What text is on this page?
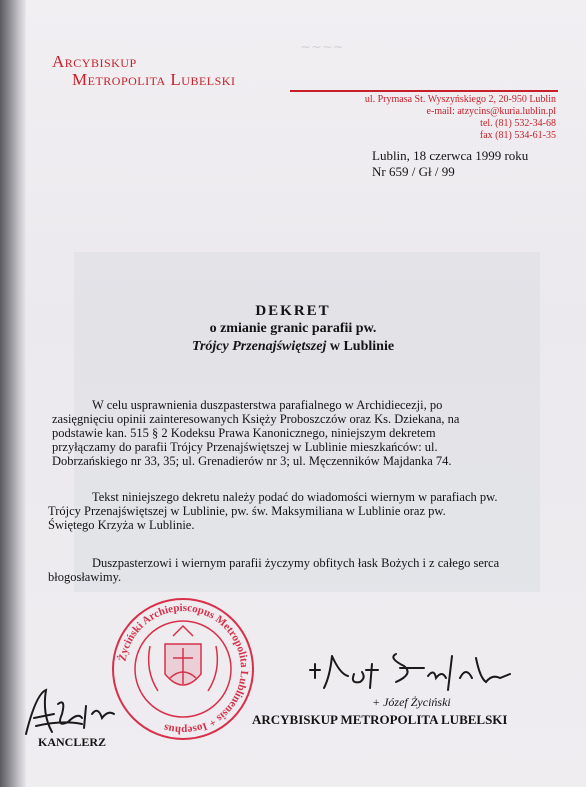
~~~~
Arcybiskup
Metropolita Lubelski
ul. Prymasa St. Wyszyńskiego 2, 20-950 Lublin
e-mail: atzycins@kuria.lublin.pl
tel. (81) 532-34-68
fax (81) 534-61-35
Lublin, 18 czerwca 1999 roku
Nr 659 / Gł / 99
DEKRET
o zmianie granic parafii pw.
Trójcy Przenajświętszej w Lublinie
W celu usprawnienia duszpasterstwa parafialnego w Archidiecezji, po
zasięgnięciu opinii zainteresowanych Księży Proboszczów oraz Ks. Dziekana, na
podstawie kan. 515 § 2 Kodeksu Prawa Kanonicznego, niniejszym dekretem
przyłączamy do parafii Trójcy Przenajświętszej w Lublinie mieszkańców: ul.
Dobrzańskiego nr 33, 35; ul. Grenadierów nr 3; ul. Męczenników Majdanka 74.
Tekst niniejszego dekretu należy podać do wiadomości wiernym w parafiach pw.
Trójcy Przenajświętszej w Lublinie, pw. św. Maksymiliana w Lublinie oraz pw.
Świętego Krzyża w Lublinie.
Duszpasterzowi i wiernym parafii życzymy obfitych łask Bożych i z całego serca
błogosławimy.
Życiński Archiepiscopus Metropolita Lublinensis + Iosephus
+ Józef Życiński
ARCYBISKUP METROPOLITA LUBELSKI
KANCLERZ
